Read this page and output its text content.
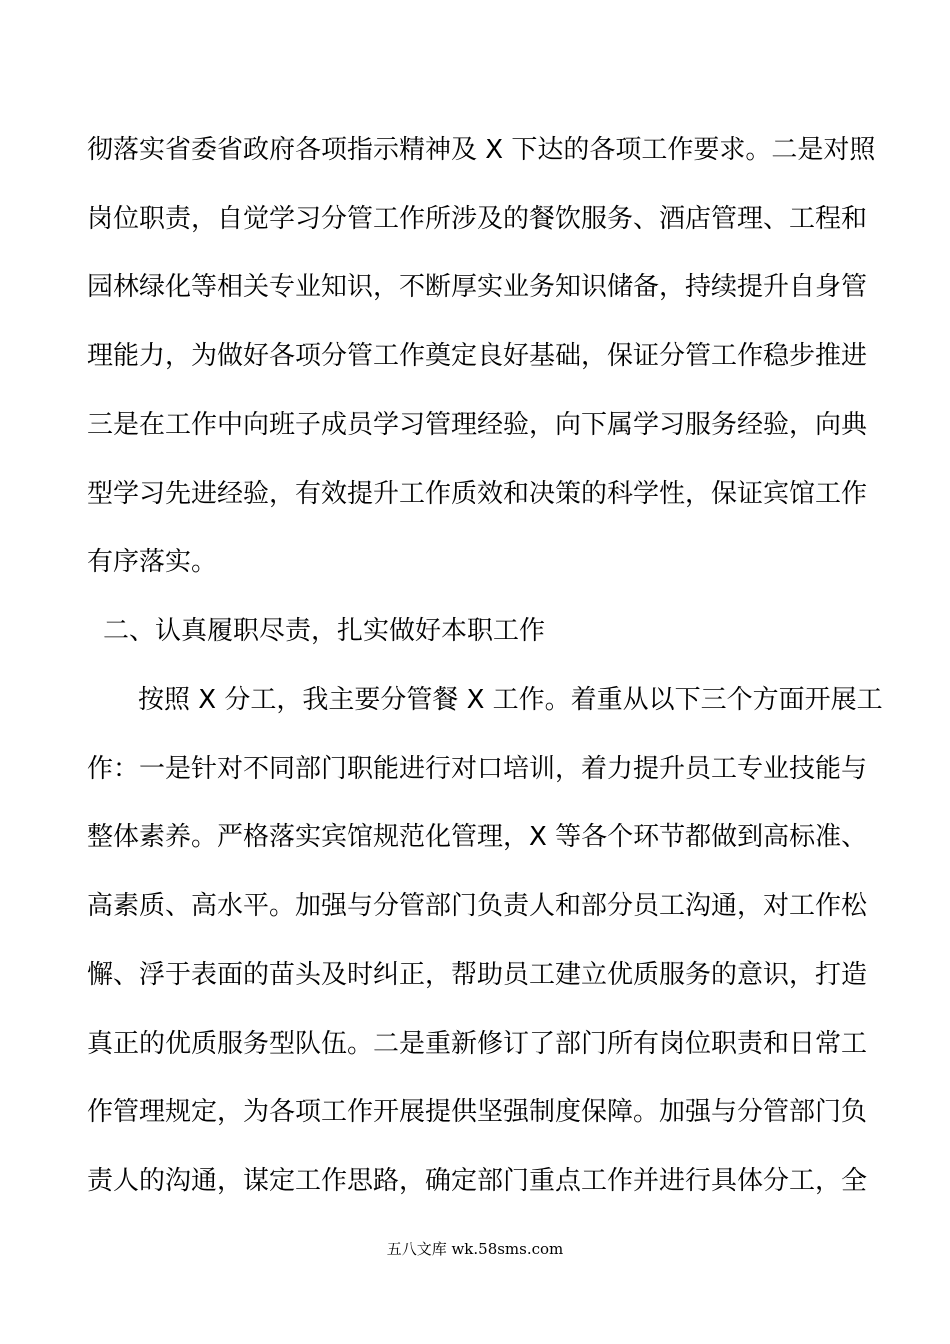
彻落实省委省政府各项指示精神及 X 下达的各项工作要求。二是对照
岗位职责，自觉学习分管工作所涉及的餐饮服务、酒店管理、工程和
园林绿化等相关专业知识，不断厚实业务知识储备，持续提升自身管
理能力，为做好各项分管工作奠定良好基础，保证分管工作稳步推进
三是在工作中向班子成员学习管理经验，向下属学习服务经验，向典
型学习先进经验，有效提升工作质效和决策的科学性，保证宾馆工作
有序落实。
二、认真履职尽责，扎实做好本职工作
按照 X 分工，我主要分管餐 X 工作。着重从以下三个方面开展工
作：一是针对不同部门职能进行对口培训，着力提升员工专业技能与
整体素养。严格落实宾馆规范化管理，X 等各个环节都做到高标准、
高素质、高水平。加强与分管部门负责人和部分员工沟通，对工作松
懈、浮于表面的苗头及时纠正，帮助员工建立优质服务的意识，打造
真正的优质服务型队伍。二是重新修订了部门所有岗位职责和日常工
作管理规定，为各项工作开展提供坚强制度保障。加强与分管部门负
责人的沟通，谋定工作思路，确定部门重点工作并进行具体分工，全
五八文库 wk.58sms.com
